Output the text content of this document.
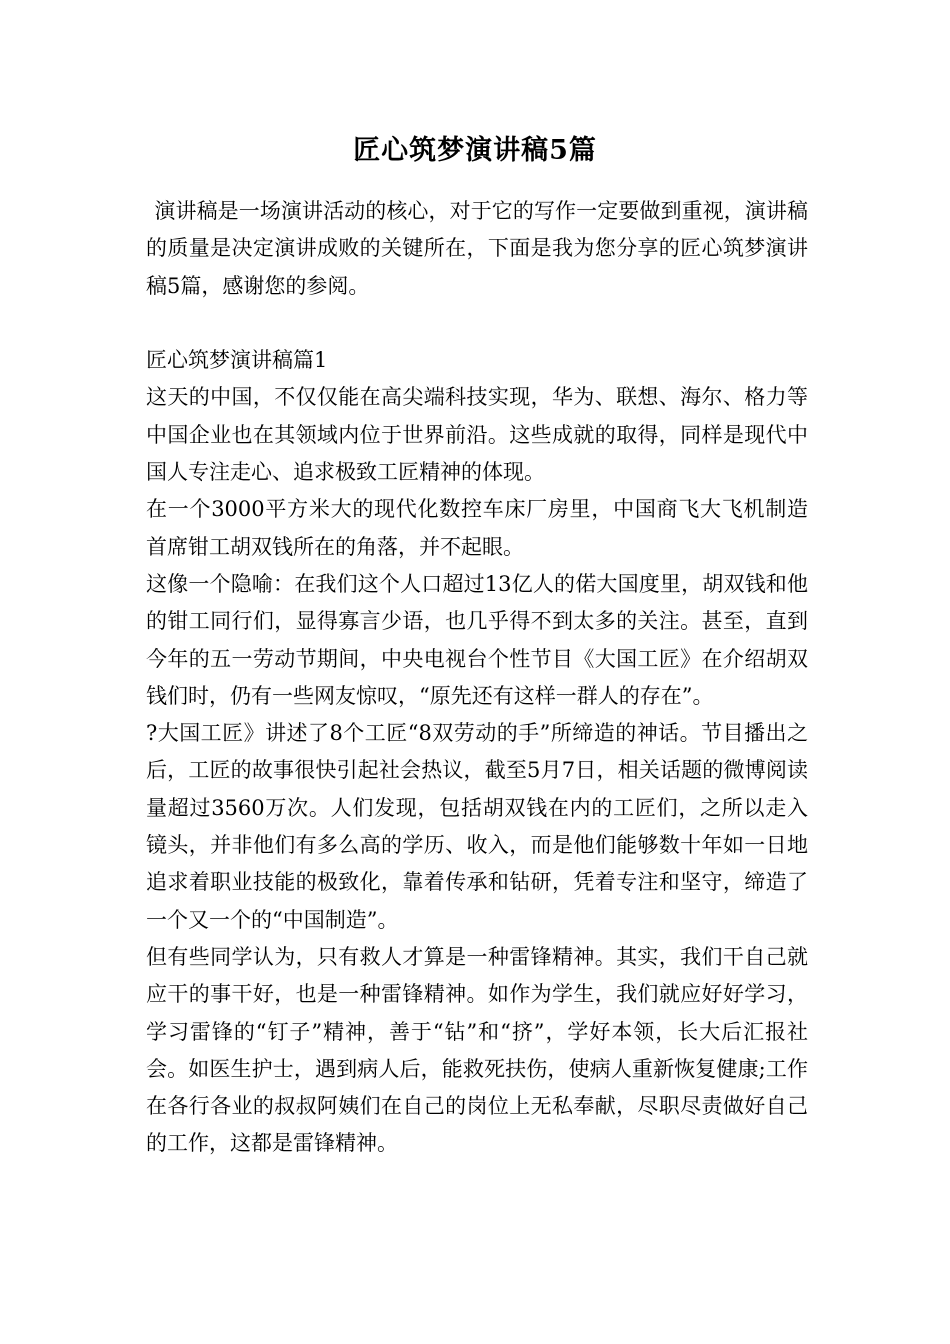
匠心筑梦演讲稿5篇

演讲稿是一场演讲活动的核心，对于它的写作一定要做到重视，演讲稿的质量是决定演讲成败的关键所在，下面是我为您分享的匠心筑梦演讲稿5篇，感谢您的参阅。

匠心筑梦演讲稿篇1

这天的中国，不仅仅能在高尖端科技实现，华为、联想、海尔、格力等中国企业也在其领域内位于世界前沿。这些成就的取得，同样是现代中国人专注走心、追求极致工匠精神的体现。

在一个3000平方米大的现代化数控车床厂房里，中国商飞大飞机制造首席钳工胡双钱所在的角落，并不起眼。

这像一个隐喻：在我们这个人口超过13亿人的偌大国度里，胡双钱和他的钳工同行们，显得寡言少语，也几乎得不到太多的关注。甚至，直到今年的五一劳动节期间，中央电视台个性节目《大国工匠》在介绍胡双钱们时，仍有一些网友惊叹，“原先还有这样一群人的存在”。

?大国工匠》讲述了8个工匠“8双劳动的手”所缔造的神话。节目播出之后，工匠的故事很快引起社会热议，截至5月7日，相关话题的微博阅读量超过3560万次。人们发现，包括胡双钱在内的工匠们，之所以走入镜头，并非他们有多么高的学历、收入，而是他们能够数十年如一日地追求着职业技能的极致化，靠着传承和钻研，凭着专注和坚守，缔造了一个又一个的“中国制造”。

但有些同学认为，只有救人才算是一种雷锋精神。其实，我们干自己就应干的事干好，也是一种雷锋精神。如作为学生，我们就应好好学习，学习雷锋的“钉子”精神，善于“钻”和“挤”，学好本领，长大后汇报社会。如医生护士，遇到病人后，能救死扶伤，使病人重新恢复健康;工作在各行各业的叔叔阿姨们在自己的岗位上无私奉献，尽职尽责做好自己的工作，这都是雷锋精神。
